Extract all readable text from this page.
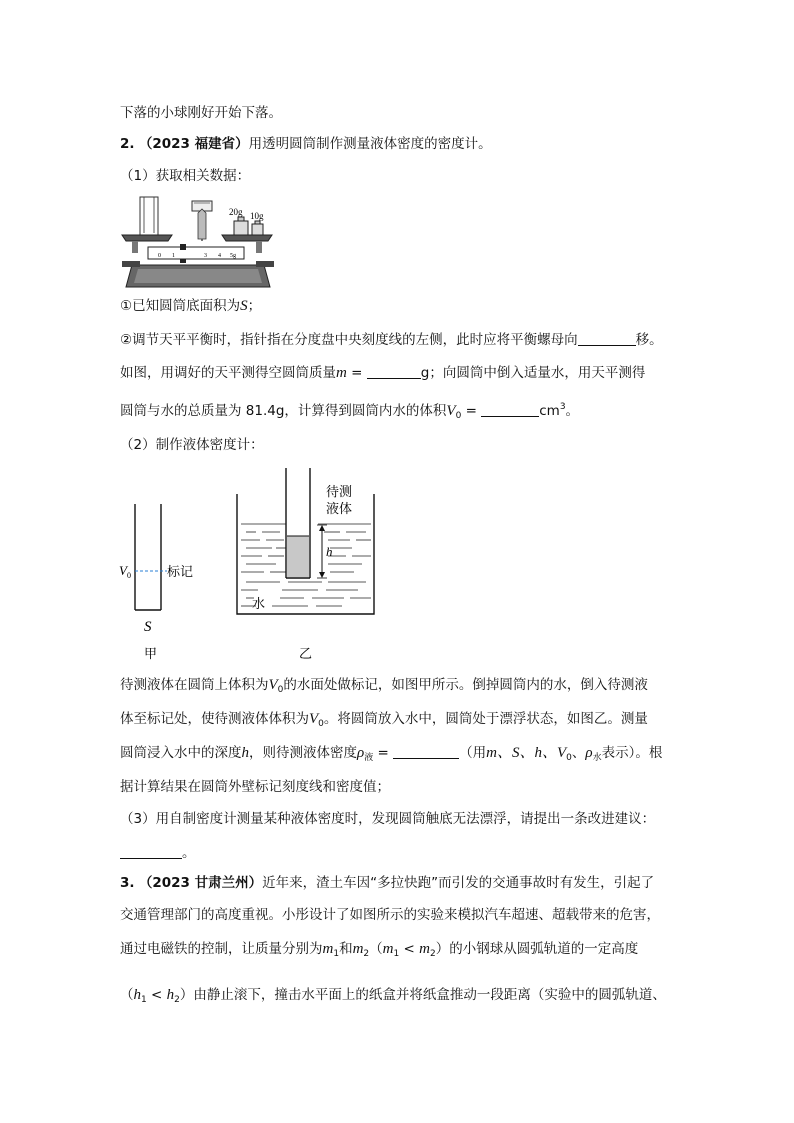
下落的小球刚好开始下落。
2. （2023 福建省）用透明圆筒制作测量液体密度的密度计。
（1）获取相关数据：
20g 10g
0 1	3 4 5g
①已知圆筒底面积为S；
②调节天平平衡时，指针指在分度盘中央刻度线的左侧，此时应将平衡螺母向	移。
如图，用调好的天平测得空圆筒质量m =	g；向圆筒中倒入适量水，用天平测得
圆筒与水的总质量为 81.4g，计算得到圆筒内水的体积$V_0$ =	$cm^3$。
（2）制作液体密度计：
V 0	标记
S
甲
h
待测
液体
水
乙
待测液体在圆筒上体积为$V_0$的水面处做标记，如图甲所示。倒掉圆筒内的水，倒入待测液
体至标记处，使待测液体体积为$V_0$。将圆筒放入水中，圆筒处于漂浮状态，如图乙。测量
圆筒浸入水中的深度h，则待测液体密度$\rho_液$ =	（用m、S、h、$V_0$、$\rho_水$表示）。根
据计算结果在圆筒外壁标记刻度线和密度值；
（3）用自制密度计测量某种液体密度时，发现圆筒触底无法漂浮，请提出一条改进建议：
。
3. （2023 甘肃兰州）近年来，渣土车因“多拉快跑”而引发的交通事故时有发生，引起了
交通管理部门的高度重视。小彤设计了如图所示的实验来模拟汽车超速、超载带来的危害，
通过电磁铁的控制，让质量分别为$m_1$和$m_2(m_1 < m_2)$的小钢球从圆弧轨道的一定高度
$(h_1 < h_2)$由静止滚下，撞击水平面上的纸盒并将纸盒推动一段距离（实验中的圆弧轨道、
